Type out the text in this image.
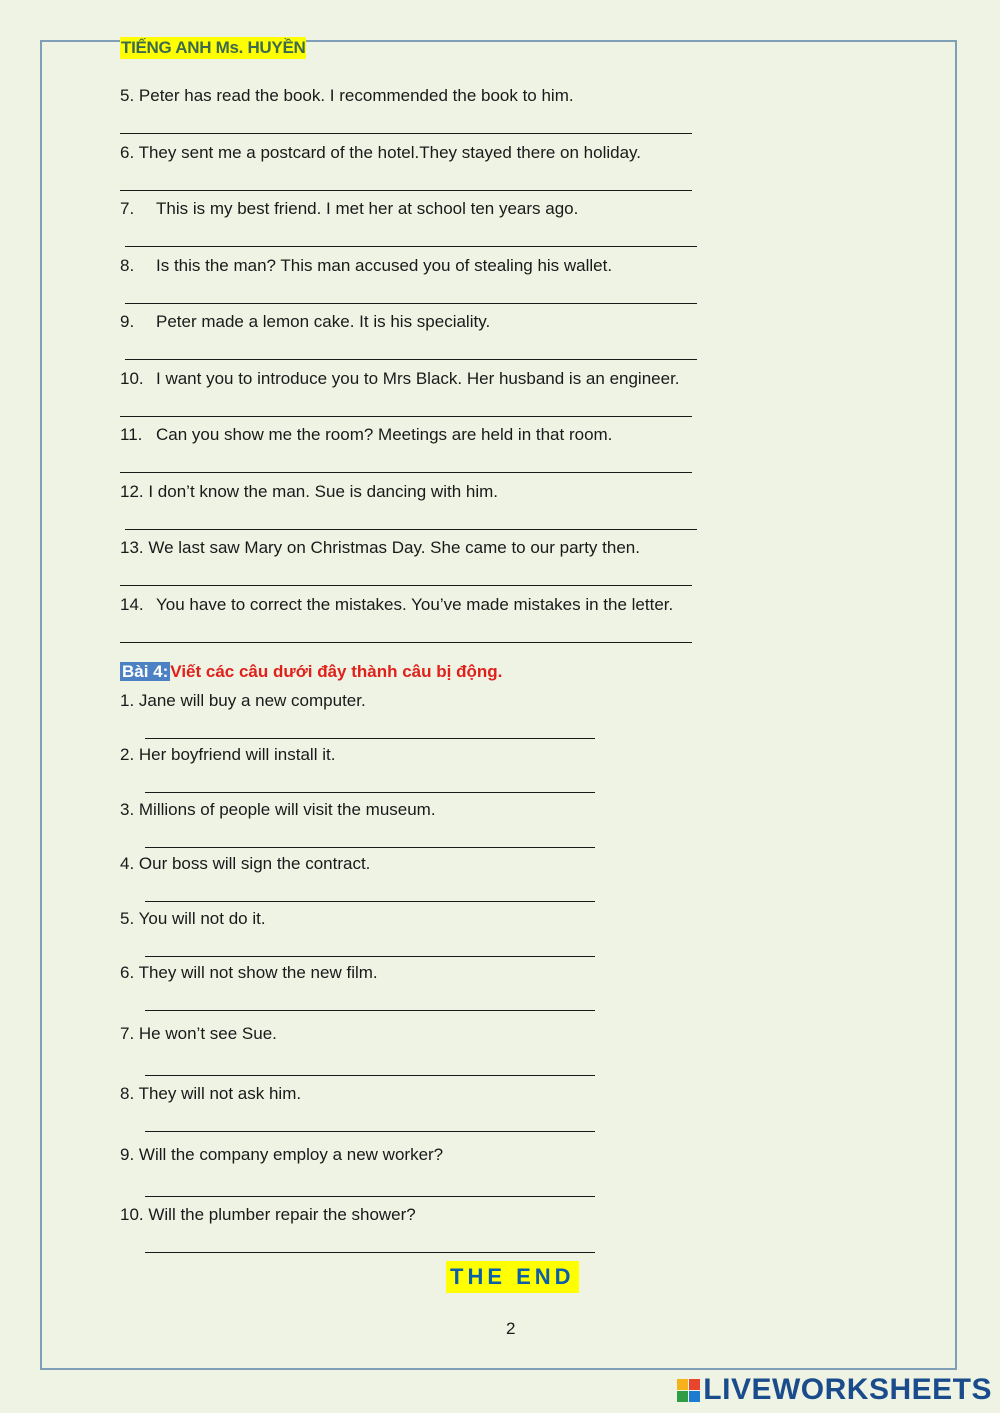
TIẾNG ANH Ms. HUYỀN
5. Peter has read the book. I recommended the book to him.
6. They sent me a postcard of the hotel.They stayed there on holiday.
7. This is my best friend. I met her at school ten years ago.
8. Is this the man? This man accused you of stealing his wallet.
9. Peter made a lemon cake. It is his speciality.
10. I want you to introduce you to Mrs Black. Her husband is an engineer.
11. Can you show me the room? Meetings are held in that room.
12. I don’t know the man. Sue is dancing with him.
13. We last saw Mary on Christmas Day. She came to our party then.
14. You have to correct the mistakes. You’ve made mistakes in the letter.
Bài 4: Viết các câu dưới đây thành câu bị động.
1. Jane will buy a new computer.
2. Her boyfriend will install it.
3. Millions of people will visit the museum.
4. Our boss will sign the contract.
5. You will not do it.
6. They will not show the new film.
7. He won’t see Sue.
8. They will not ask him.
9. Will the company employ a new worker?
10. Will the plumber repair the shower?
THE END
2
LIVEWORKSHEETS
